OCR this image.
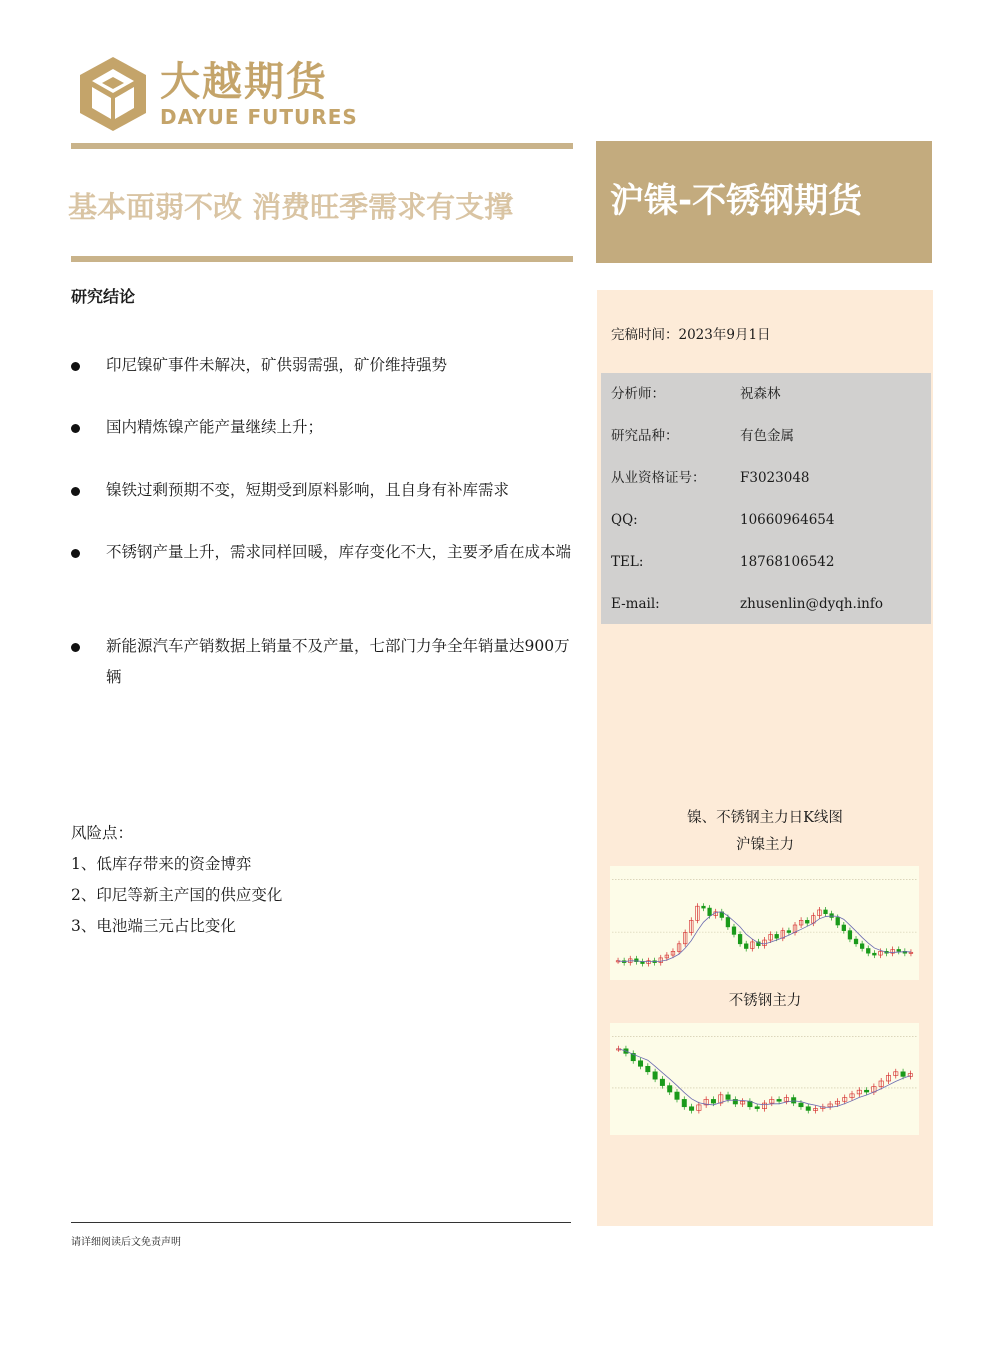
大越期货
DAYUE FUTURES
基本面弱不改 消费旺季需求有支撑	沪镍-不锈钢期货
研究结论
印尼镍矿事件未解决，矿供弱需强，矿价维持强势
国内精炼镍产能产量继续上升；
镍铁过剩预期不变，短期受到原料影响，且自身有补库需求
不锈钢产量上升，需求同样回暖，库存变化不大，主要矛盾在成本端
新能源汽车产销数据上销量不及产量，七部门力争全年销量达900万辆
风险点：
1、低库存带来的资金博弈
2、印尼等新主产国的供应变化
3、电池端三元占比变化
完稿时间：2023年9月1日
分析师：	祝森林
研究品种：	有色金属
从业资格证号：	F3023048
QQ:	10660964654
TEL:	18768106542
E-mail:	zhusenlin@dyqh.info
镍、不锈钢主力日K线图
沪镍主力
不锈钢主力
请详细阅读后文免责声明
